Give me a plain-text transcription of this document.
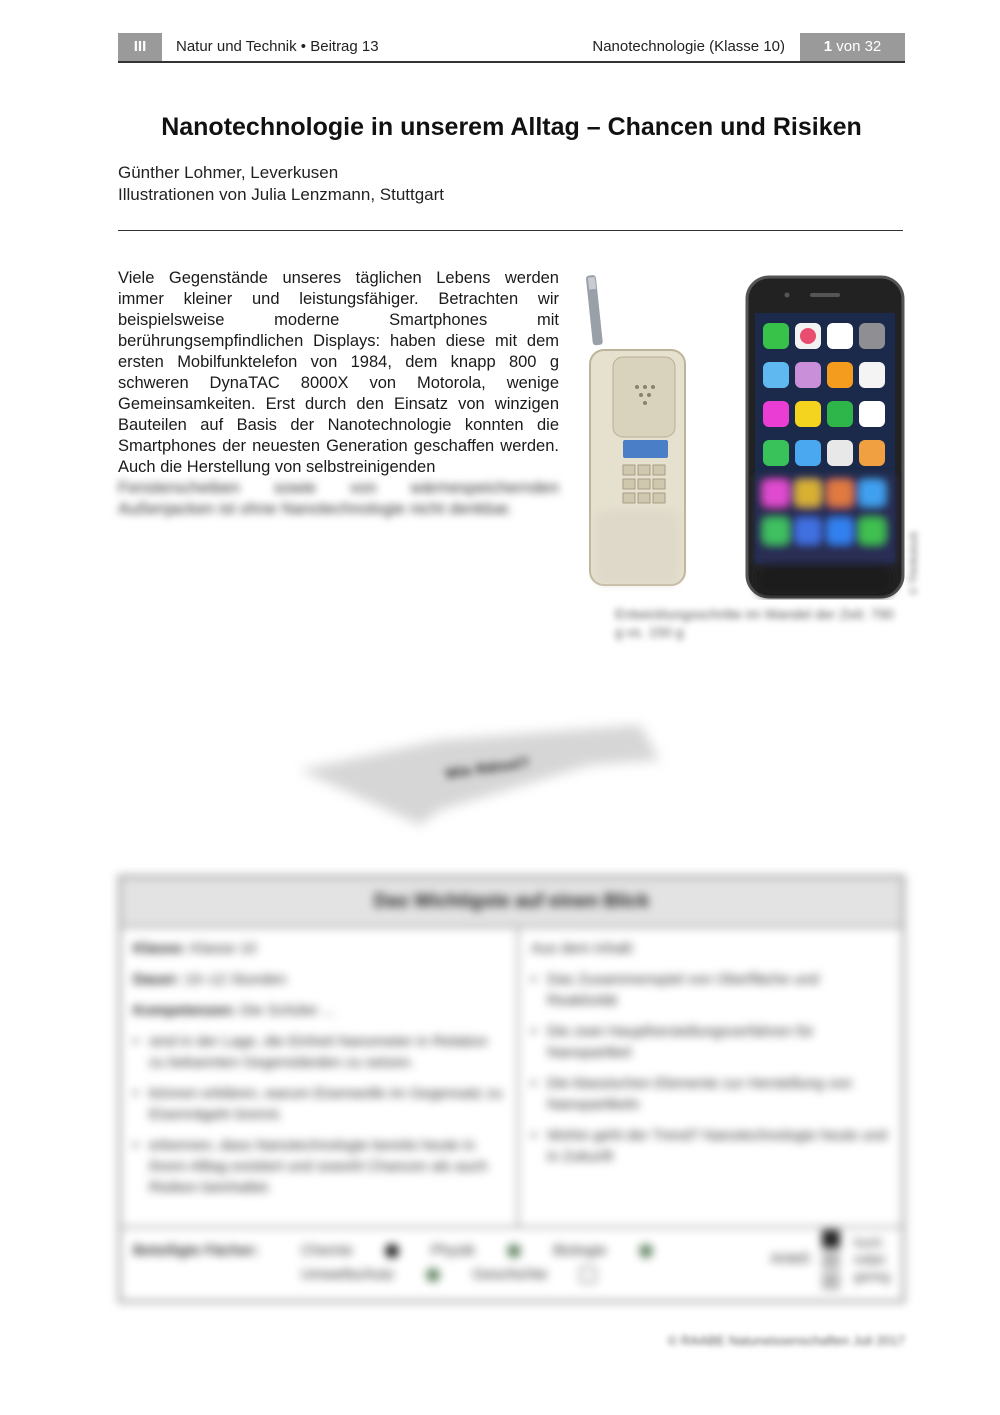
III	Natur und Technik • Beitrag 13	Nanotechnologie (Klasse 10)	1 von 32
Nanotechnologie in unserem Alltag – Chancen und Risiken
Günther Lohmer, Leverkusen
Illustrationen von Julia Lenzmann, Stuttgart
Viele Gegenstände unseres täglichen Lebens werden immer kleiner und leistungsfähiger. Betrachten wir beispielsweise moderne Smartphones mit berührungsempfindlichen Displays: haben diese mit dem ersten Mobilfunktelefon von 1984, dem knapp 800 g schweren DynaTAC 8000X von Motorola, wenige Gemeinsamkeiten. Erst durch den Einsatz von winzigen Bauteilen auf Basis der Nanotechnologie konnten die Smartphones der neuesten Generation geschaffen werden. Auch die Herstellung von selbstreinigenden
Fensterscheiben sowie von wärmespeichernden Außenjacken ist ohne Nanotechnologie nicht denkbar.
© Thinkstock
Entwicklungsschritte im Wandel der Zeit: 790 g vs. 150 g
Wie Rätsel?
Das Wichtigste auf einen Blick
Klasse: Klasse 10
Dauer: 10–12 Stunden
Kompetenzen: Die Schüler ...
• sind in der Lage, die Einheit Nanometer in Relation zu bekannten Gegenständen zu setzen.
• können erklären, warum Eisenwolle im Gegensatz zu Eisennägeln brennt.
• erkennen, dass Nanotechnologie bereits heute in ihrem Alltag existiert und sowohl Chancen als auch Risiken beinhaltet.
Aus dem Inhalt:
• Das Zusammenspiel von Oberfläche und Reaktivität
• Die zwei Hauptherstellungsverfahren für Nanopartikel
• Die klassischen Elemente zur Herstellung von Nanopartikeln
• Wohin geht der Trend? Nanotechnologie heute und in Zukunft
Beteiligte Fächer:	Chemie	Physik	Biologie
Umweltschutz	Geschichte
Anteil:
hoch
mittel
gering
© RAABE Naturwissenschaften Juli 2017
